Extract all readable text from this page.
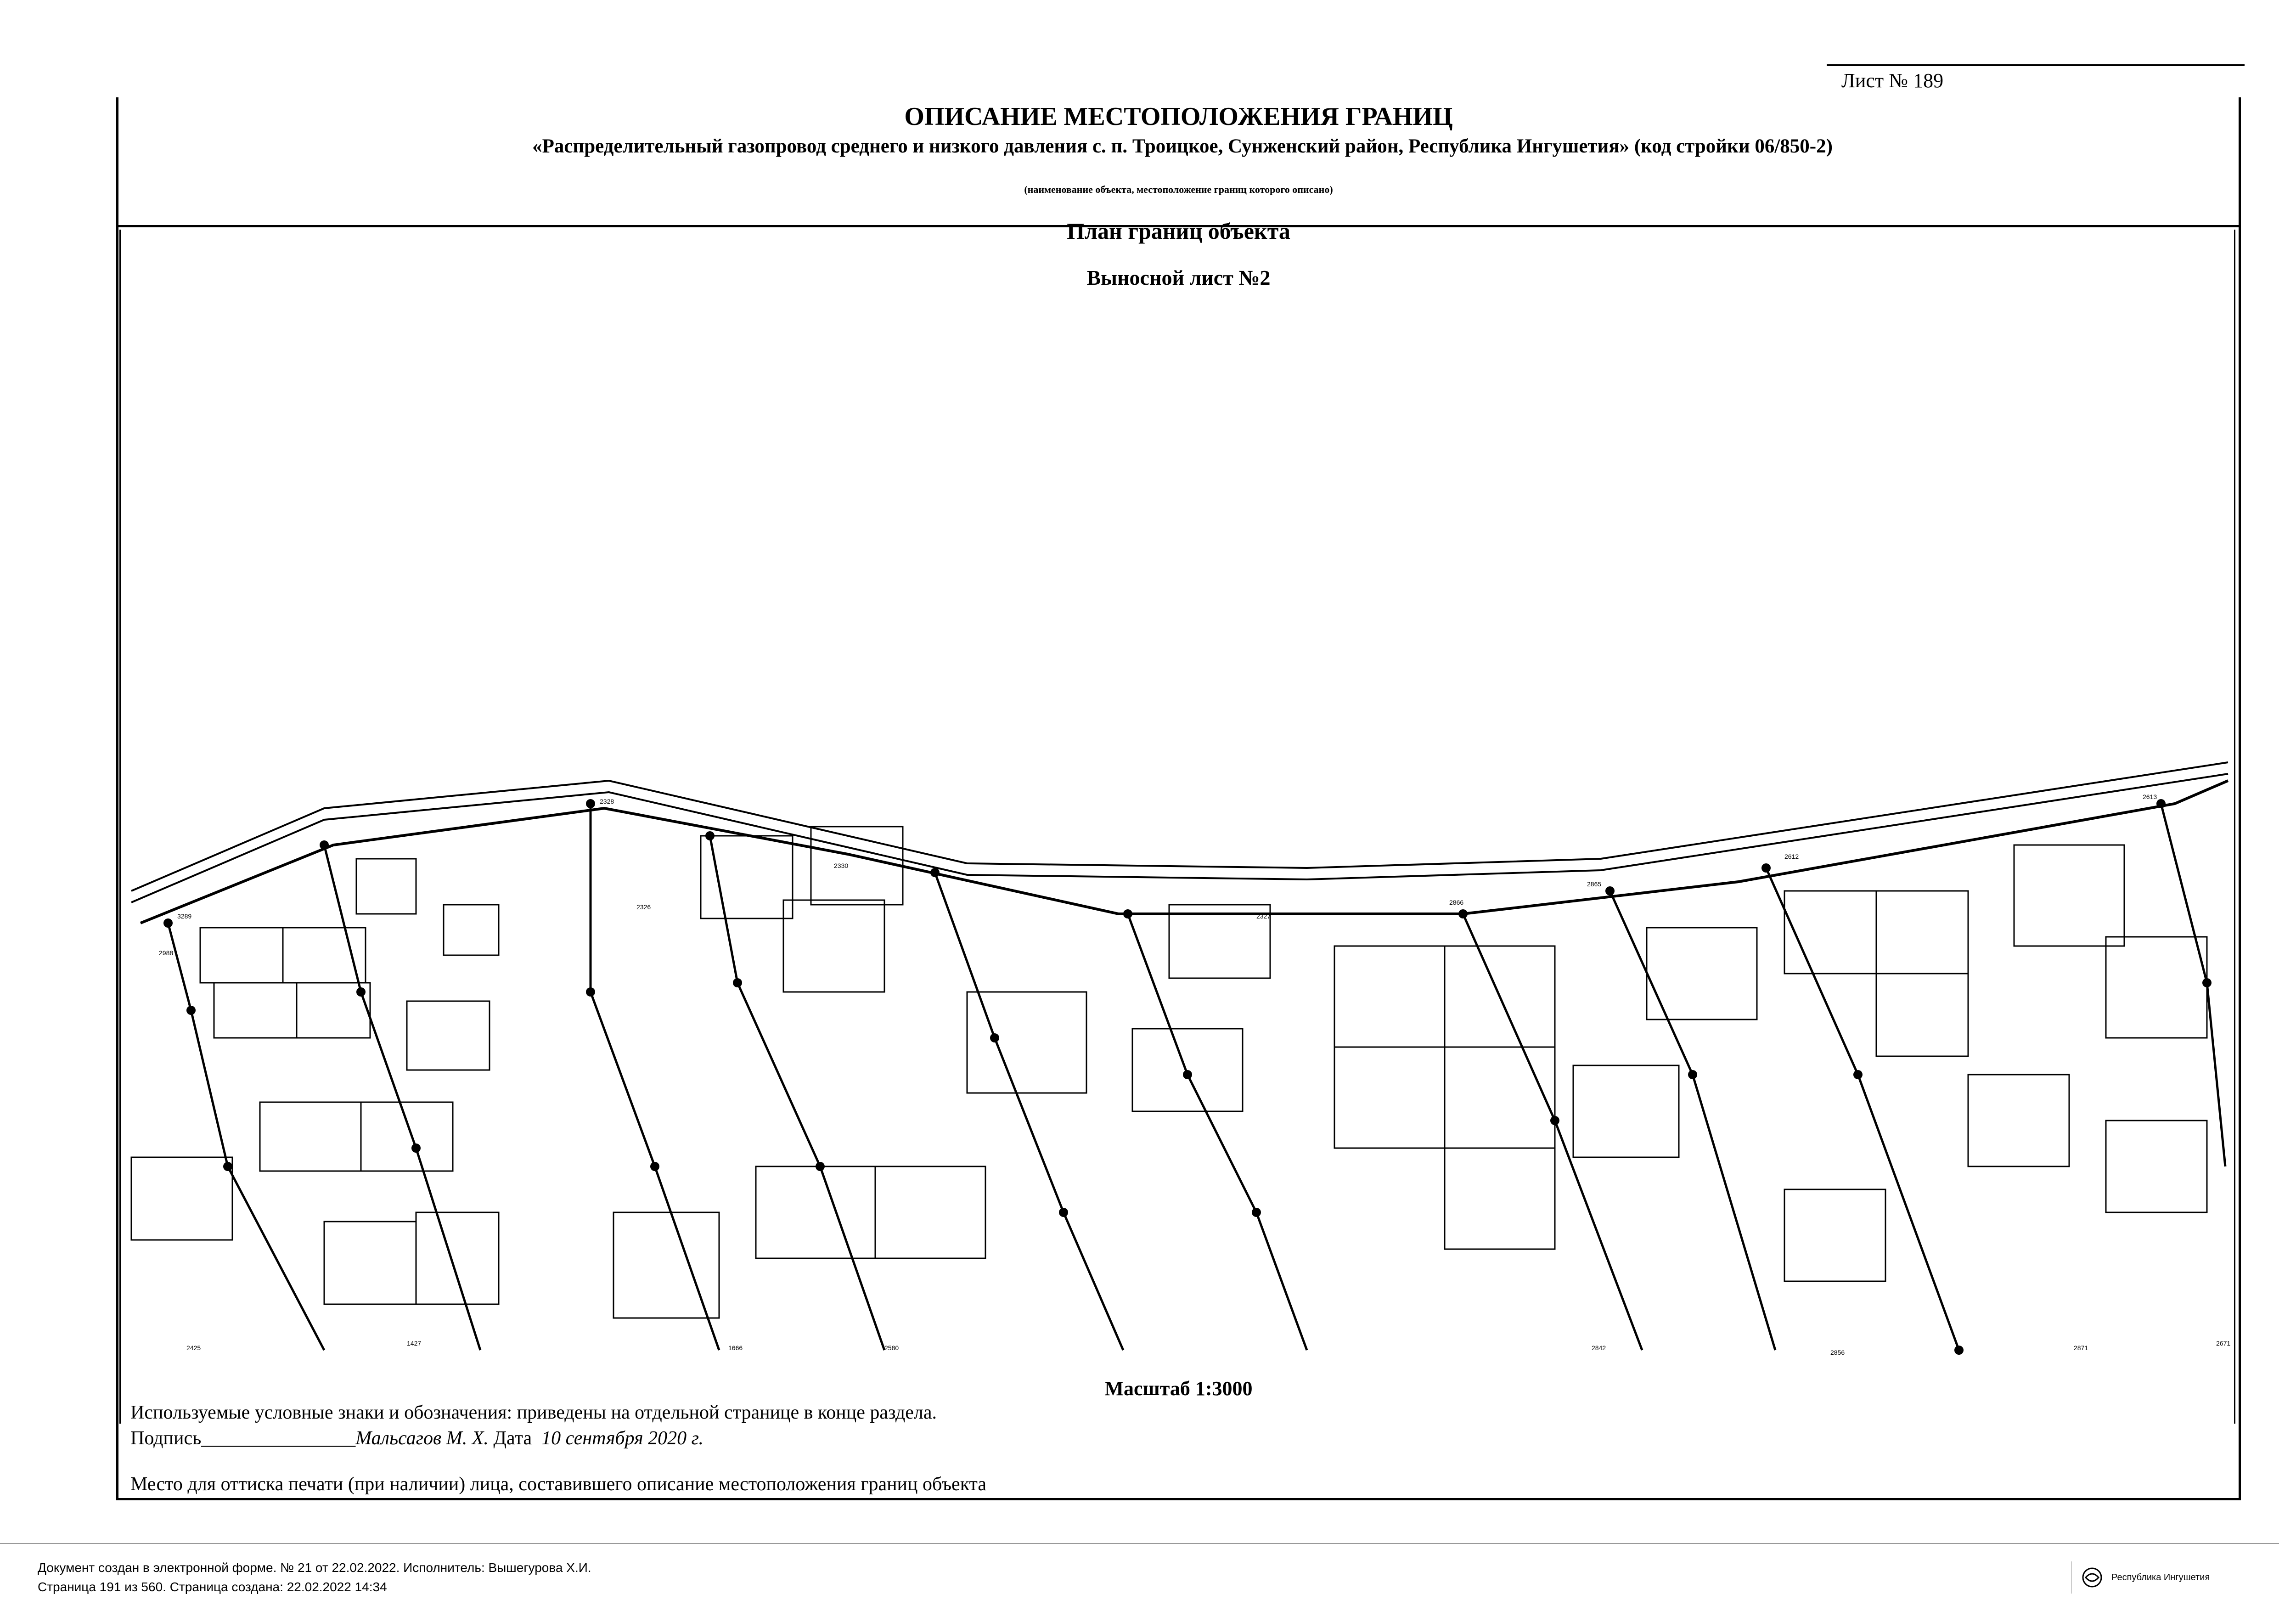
Лист № 189
ОПИСАНИЕ МЕСТОПОЛОЖЕНИЯ ГРАНИЦ
«Распределительный газопровод среднего и низкого давления с. п. Троицкое, Сунженский район, Республика Ингушетия» (код стройки 06/850-2)
(наименование объекта, местоположение границ которого описано)
План границ объекта
Выносной лист №2
3289
2988
2328
2326
2330
2327
2866
2865
2612
2613
1666	2842
2856
2871
2671
1427
2425	2580
Масштаб 1:3000
Используемые условные знаки и обозначения: приведены на отдельной странице в конце раздела.
Подпись________________Мальсагов М. Х. Дата 10 сентября 2020 г.
Место для оттиска печати (при наличии) лица, составившего описание местоположения границ объекта
Документ создан в электронной форме. № 21 от 22.02.2022. Исполнитель: Вышегурова Х.И.
Страница 191 из 560. Страница создана: 22.02.2022 14:34
Республика Ингушетия
